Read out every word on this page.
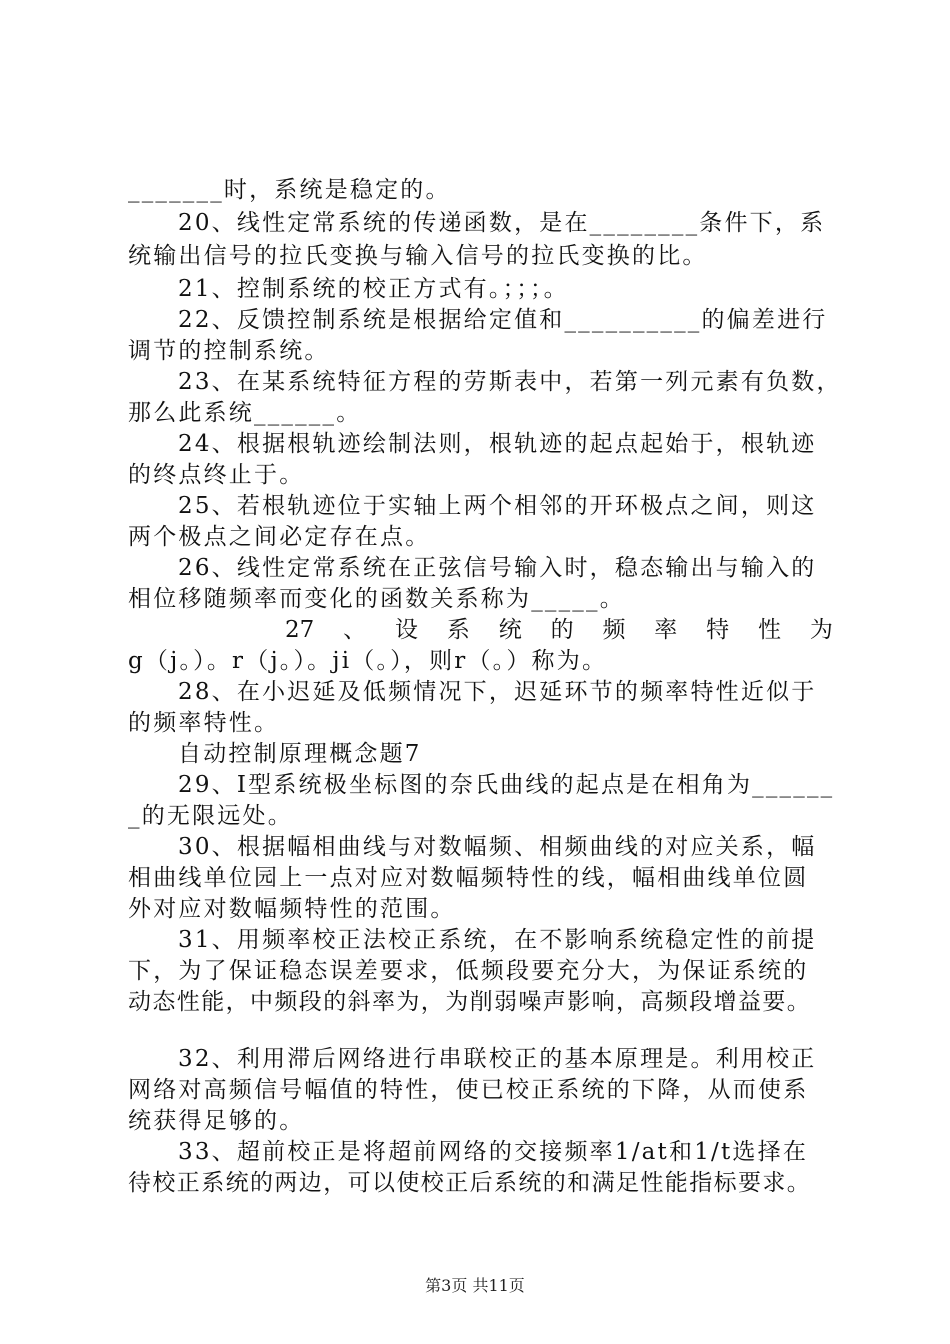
_______时，系统是稳定的。
20、线性定常系统的传递函数，是在________条件下，系
统输出信号的拉氏变换与输入信号的拉氏变换的比。
21、控制系统的校正方式有。；；；。
22、反馈控制系统是根据给定值和__________的偏差进行
调节的控制系统。
23、在某系统特征方程的劳斯表中，若第一列元素有负数，
那么此系统______。
24、根据根轨迹绘制法则，根轨迹的起点起始于，根轨迹
的终点终止于。
25、若根轨迹位于实轴上两个相邻的开环极点之间，则这
两个极点之间必定存在点。
26、线性定常系统在正弦信号输入时，稳态输出与输入的
相位移随频率而变化的函数关系称为_____。
27 、 设 系 统 的 频 率 特 性 为
g（j。）。r（j。）。ji（。），则r（。）称为。
28、在小迟延及低频情况下，迟延环节的频率特性近似于
的频率特性。
自动控制原理概念题7
29、Ⅰ型系统极坐标图的奈氏曲线的起点是在相角为______
_的无限远处。
30、根据幅相曲线与对数幅频、相频曲线的对应关系，幅
相曲线单位园上一点对应对数幅频特性的线，幅相曲线单位圆
外对应对数幅频特性的范围。
31、用频率校正法校正系统，在不影响系统稳定性的前提
下，为了保证稳态误差要求，低频段要充分大，为保证系统的
动态性能，中频段的斜率为，为削弱噪声影响，高频段增益要。
32、利用滞后网络进行串联校正的基本原理是。利用校正
网络对高频信号幅值的特性，使已校正系统的下降，从而使系
统获得足够的。
33、超前校正是将超前网络的交接频率1/at和1/t选择在
待校正系统的两边，可以使校正后系统的和满足性能指标要求。
第3页 共11页
